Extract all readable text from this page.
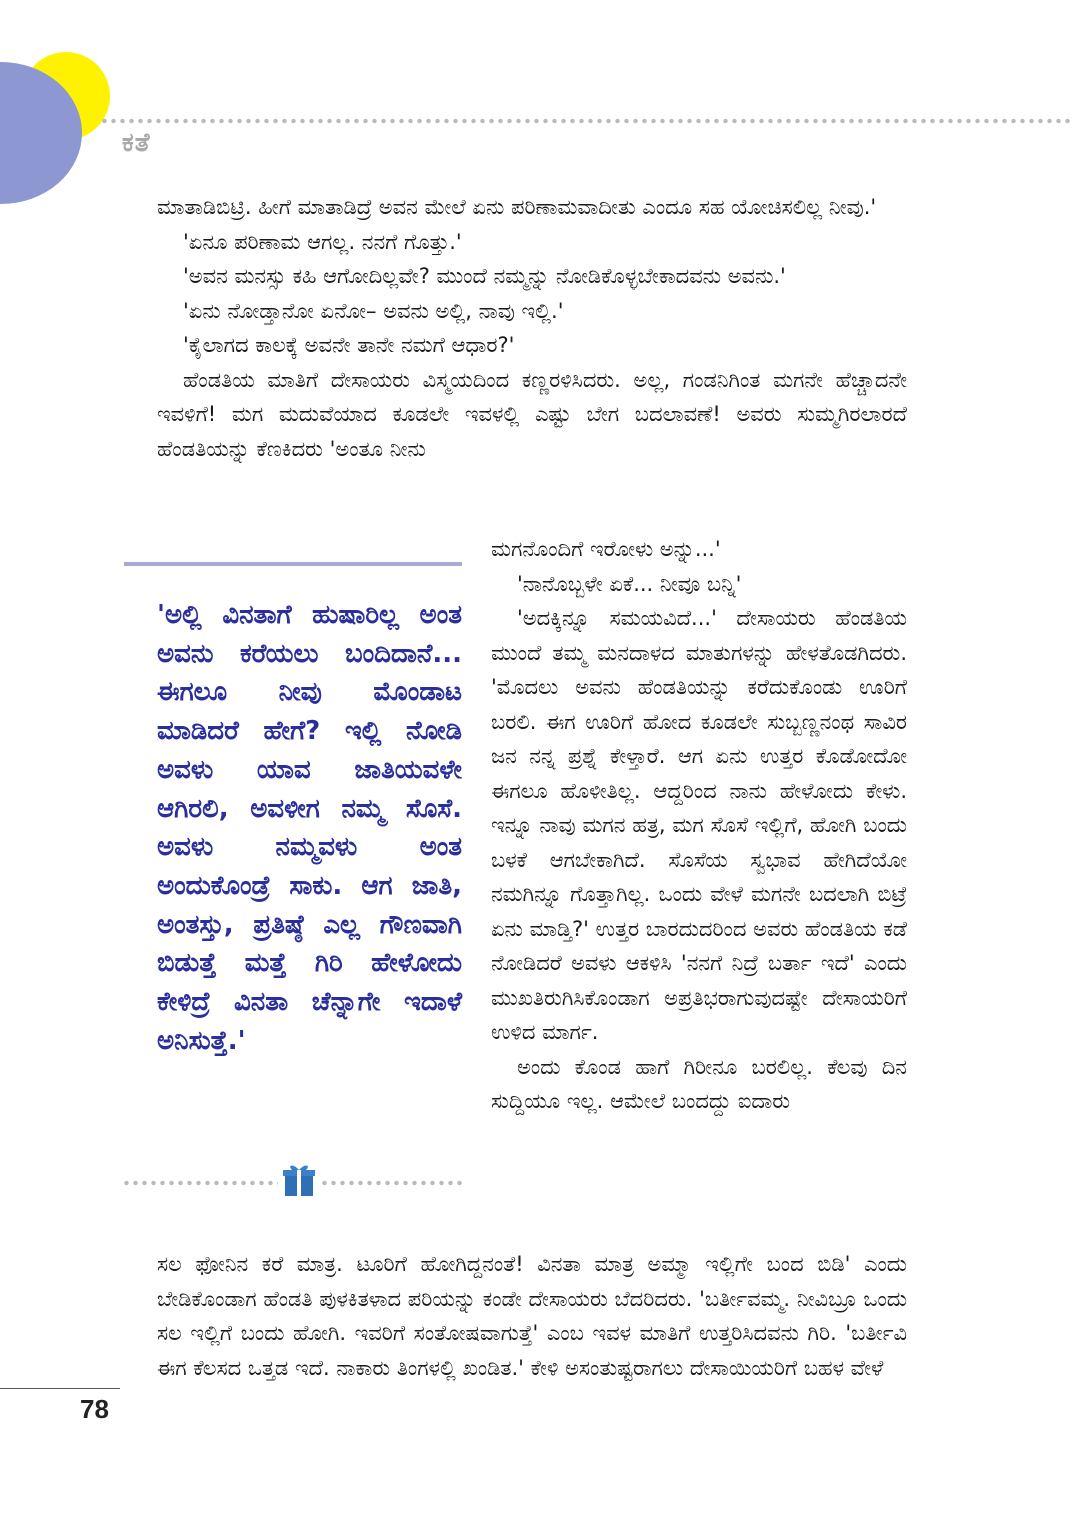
ಕತೆ

ಮಾತಾಡಿಬಿಟ್ರಿ. ಹೀಗೆ ಮಾತಾಡಿದ್ರೆ ಅವನ ಮೇಲೆ ಏನು ಪರಿಣಾಮವಾದೀತು ಎಂದೂ ಸಹ ಯೋಚಿಸಲಿಲ್ಲ ನೀವು.'

'ಏನೂ ಪರಿಣಾಮ ಆಗಲ್ಲ. ನನಗೆ ಗೊತ್ತು.'

'ಅವನ ಮನಸ್ಸು ಕಹಿ ಆಗೋದಿಲ್ಲವೇ? ಮುಂದೆ ನಮ್ಮನ್ನು ನೋಡಿಕೊಳ್ಳಬೇಕಾದವನು ಅವನು.'

'ಏನು ನೋಡ್ತಾನೋ ಏನೋ– ಅವನು ಅಲ್ಲಿ, ನಾವು ಇಲ್ಲಿ.'

'ಕೈಲಾಗದ ಕಾಲಕ್ಕೆ ಅವನೇ ತಾನೇ ನಮಗೆ ಆಧಾರ?'

ಹೆಂಡತಿಯ ಮಾತಿಗೆ ದೇಸಾಯರು ವಿಸ್ಮಯದಿಂದ ಕಣ್ಣರಳಿಸಿದರು. ಅಲ್ಲ, ಗಂಡನಿಗಿಂತ ಮಗನೇ ಹೆಚ್ಚಾದನೇ ಇವಳಿಗೆ! ಮಗ ಮದುವೆಯಾದ ಕೂಡಲೇ ಇವಳಲ್ಲಿ ಎಷ್ಟು ಬೇಗ ಬದಲಾವಣೆ! ಅವರು ಸುಮ್ಮಗಿರಲಾರದೆ ಹೆಂಡತಿಯನ್ನು ಕೆಣಕಿದರು 'ಅಂತೂ ನೀನು

'ಅಲ್ಲಿ ವಿನತಾಗೆ ಹುಷಾರಿಲ್ಲ ಅಂತ ಅವನು ಕರೆಯಲು ಬಂದಿದಾನೆ... ಈಗಲೂ ನೀವು ಮೊಂಡಾಟ ಮಾಡಿದರೆ ಹೇಗೆ? ಇಲ್ಲಿ ನೋಡಿ ಅವಳು ಯಾವ ಜಾತಿಯವಳೇ ಆಗಿರಲಿ, ಅವಳೀಗ ನಮ್ಮ ಸೊಸೆ. ಅವಳು ನಮ್ಮವಳು ಅಂತ ಅಂದುಕೊಂಡ್ರೆ ಸಾಕು. ಆಗ ಜಾತಿ, ಅಂತಸ್ತು, ಪ್ರತಿಷ್ಠೆ ಎಲ್ಲ ಗೌಣವಾಗಿ ಬಿಡುತ್ತೆ ಮತ್ತೆ ಗಿರಿ ಹೇಳೋದು ಕೇಳಿದ್ರೆ ವಿನತಾ ಚೆನ್ನಾಗೇ ಇದಾಳೆ ಅನಿಸುತ್ತೆ.'

ಮಗನೊಂದಿಗೆ ಇರೋಳು ಅನ್ನು...'

'ನಾನೊಬ್ಬಳೇ ಏಕೆ... ನೀವೂ ಬನ್ನಿ'

'ಅದಕ್ಕಿನ್ನೂ ಸಮಯವಿದೆ...' ದೇಸಾಯರು ಹೆಂಡತಿಯ ಮುಂದೆ ತಮ್ಮ ಮನದಾಳದ ಮಾತುಗಳನ್ನು ಹೇಳತೊಡಗಿದರು. 'ಮೊದಲು ಅವನು ಹೆಂಡತಿಯನ್ನು ಕರೆದುಕೊಂಡು ಊರಿಗೆ ಬರಲಿ. ಈಗ ಊರಿಗೆ ಹೋದ ಕೂಡಲೇ ಸುಬ್ಬಣ್ಣನಂಥ ಸಾವಿರ ಜನ ನನ್ನ ಪ್ರಶ್ನೆ ಕೇಳ್ತಾರೆ. ಆಗ ಏನು ಉತ್ತರ ಕೊಡೋದೋ ಈಗಲೂ ಹೊಳೀತಿಲ್ಲ. ಆದ್ದರಿಂದ ನಾನು ಹೇಳೋದು ಕೇಳು. ಇನ್ನೂ ನಾವು ಮಗನ ಹತ್ರ, ಮಗ ಸೊಸೆ ಇಲ್ಲಿಗೆ, ಹೋಗಿ ಬಂದು ಬಳಕೆ ಆಗಬೇಕಾಗಿದೆ. ಸೊಸೆಯ ಸ್ವಭಾವ ಹೇಗಿದೆಯೋ ನಮಗಿನ್ನೂ ಗೊತ್ತಾಗಿಲ್ಲ. ಒಂದು ವೇಳೆ ಮಗನೇ ಬದಲಾಗಿ ಬಿಟ್ರೆ ಏನು ಮಾಡ್ತಿ?' ಉತ್ತರ ಬಾರದುದರಿಂದ ಅವರು ಹೆಂಡತಿಯ ಕಡೆ ನೋಡಿದರೆ ಅವಳು ಆಕಳಿಸಿ 'ನನಗೆ ನಿದ್ರೆ ಬರ್ತಾ ಇದೆ' ಎಂದು ಮುಖತಿರುಗಿಸಿಕೊಂಡಾಗ ಅಪ್ರತಿಭರಾಗುವುದಷ್ಟೇ ದೇಸಾಯರಿಗೆ ಉಳಿದ ಮಾರ್ಗ.

ಅಂದು ಕೊಂಡ ಹಾಗೆ ಗಿರೀನೂ ಬರಲಿಲ್ಲ. ಕೆಲವು ದಿನ ಸುದ್ದಿಯೂ ಇಲ್ಲ. ಆಮೇಲೆ ಬಂದದ್ದು ಐದಾರು

ಸಲ ಫೋನಿನ ಕರೆ ಮಾತ್ರ. ಟೂರಿಗೆ ಹೋಗಿದ್ದನಂತೆ! ವಿನತಾ ಮಾತ್ರ ಅಮ್ಮಾ ಇಲ್ಲಿಗೇ ಬಂದ ಬಿಡಿ' ಎಂದು ಬೇಡಿಕೊಂಡಾಗ ಹೆಂಡತಿ ಪುಳಕಿತಳಾದ ಪರಿಯನ್ನು ಕಂಡೇ ದೇಸಾಯರು ಬೆದರಿದರು. 'ಬರ್ತೀವಮ್ಮ. ನೀವಿಬ್ರೂ ಒಂದು ಸಲ ಇಲ್ಲಿಗೆ ಬಂದು ಹೋಗಿ. ಇವರಿಗೆ ಸಂತೋಷವಾಗುತ್ತೆ' ಎಂಬ ಇವಳ ಮಾತಿಗೆ ಉತ್ತರಿಸಿದವನು ಗಿರಿ. 'ಬರ್ತೀವಿ ಈಗ ಕೆಲಸದ ಒತ್ತಡ ಇದೆ. ನಾಕಾರು ತಿಂಗಳಲ್ಲಿ ಖಂಡಿತ.' ಕೇಳಿ ಅಸಂತುಷ್ಟರಾಗಲು ದೇಸಾಯಿಯರಿಗೆ ಬಹಳ ವೇಳೆ

78
